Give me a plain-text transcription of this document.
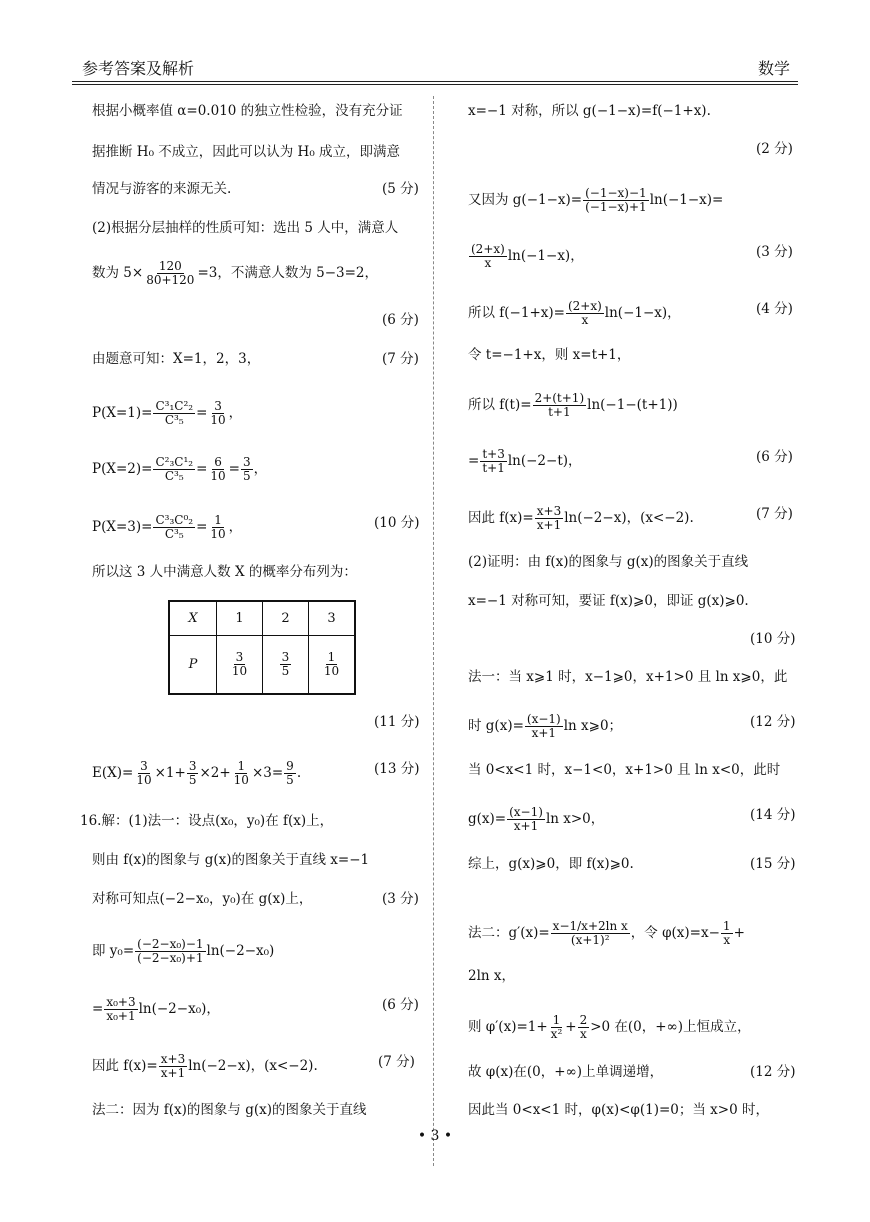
参考答案及解析	数学
根据小概率值 α=0.010 的独立性检验，没有充分证
据推断 H₀ 不成立，因此可以认为 H₀ 成立，即满意
情况与游客的来源无关.	(5 分)
(2)根据分层抽样的性质可知：选出 5 人中，满意人
数为 $5\times \frac{120}{80+120} =3$，不满意人数为 5−3=2，
(6 分)
由题意可知：X=1，2，3，	(7 分)
$P(X=1)= \frac{\text{C³₁C²₂}}{\text{C³₅}} = \frac{3}{10}$ ，
$P(X=2)= \frac{\text{C²₃C¹₂}}{\text{C³₅}} = \frac{6}{10} = \frac{3}{5}$ ，
$P(X=3)= \frac{\text{C³₃C⁰₂}}{\text{C³₅}} = \frac{1}{10}$ ，	(10 分)
所以这 3 人中满意人数 X 的概率分布列为：
X	1	2	3
P	$\frac{3}{10}$	$\frac{3}{5}$	$\frac{1}{10}$
(11 分)
$E(X)= \frac{3}{10} \times 1+ \frac{3}{5} \times 2+ \frac{1}{10} \times 3= \frac{9}{5}$ .	(13 分)
16.解：(1)法一：设点(x₀，y₀)在 f(x)上，
则由 f(x)的图象与 g(x)的图象关于直线 x=−1
对称可知点(−2−x₀，y₀)在 g(x)上，	(3 分)
即 $y_0= \frac{\text{(−2−x₀)−1}}{\text{(−2−x₀)+1}} \ln(-2-x_0)$
= $\frac{\text{x₀+3}}{\text{x₀+1}} \ln(-2-x_0)$，	(6 分)
因此 $f(x)= \frac{x+3}{x+1} \ln(-2-x)$，(x<−2).	(7 分)
法二：因为 f(x)的图象与 g(x)的图象关于直线
x=−1 对称，所以 g(−1−x)=f(−1+x).
(2 分)
又因为 $g(-1-x)= \frac{(-1-x)-1}{(-1-x)+1} \ln(-1-x)=$
$\frac{(2+x)}{x} \ln(-1-x)$，	(3 分)
所以 $f(-1+x)= \frac{(2+x)}{x} \ln(-1-x)$，	(4 分)
令 t=−1+x，则 x=t+1，
所以 $f(t)= \frac{2+(t+1)}{t+1} \ln(-1-(t+1))$
= $\frac{t+3}{t+1} \ln(-2-t)$，	(6 分)
因此 $f(x)= \frac{x+3}{x+1} \ln(-2-x)$，(x<−2).	(7 分)
(2)证明：由 f(x)的图象与 g(x)的图象关于直线
x=−1 对称可知，要证 f(x)⩾0，即证 g(x)⩾0.
(10 分)
法一：当 x⩾1 时，x−1⩾0，x+1>0 且 ln x⩾0，此
时 $g(x)= \frac{(x-1)}{x+1}$ ln x⩾0；	(12 分)
当 0<x<1 时，x−1<0，x+1>0 且 ln x<0，此时
$g(x)= \frac{(x-1)}{x+1}$ ln x>0，	(14 分)
综上，g(x)⩾0，即 f(x)⩾0.	(15 分)
法二：$g'(x)= \frac{\text{x−1/x+2ln x}}{\text{(x+1)²}}$ ，令 $\varphi(x)=x- \frac{1}{x}$ +
2ln x，
则 $\varphi'(x)=1+ \frac{1}{\text{x²}} + \frac{2}{x} >0$ 在(0，+∞)上恒成立，
故 φ(x)在(0，+∞)上单调递增，	(12 分)
因此当 0<x<1 时，φ(x)<φ(1)=0；当 x>0 时，
• 3 •
